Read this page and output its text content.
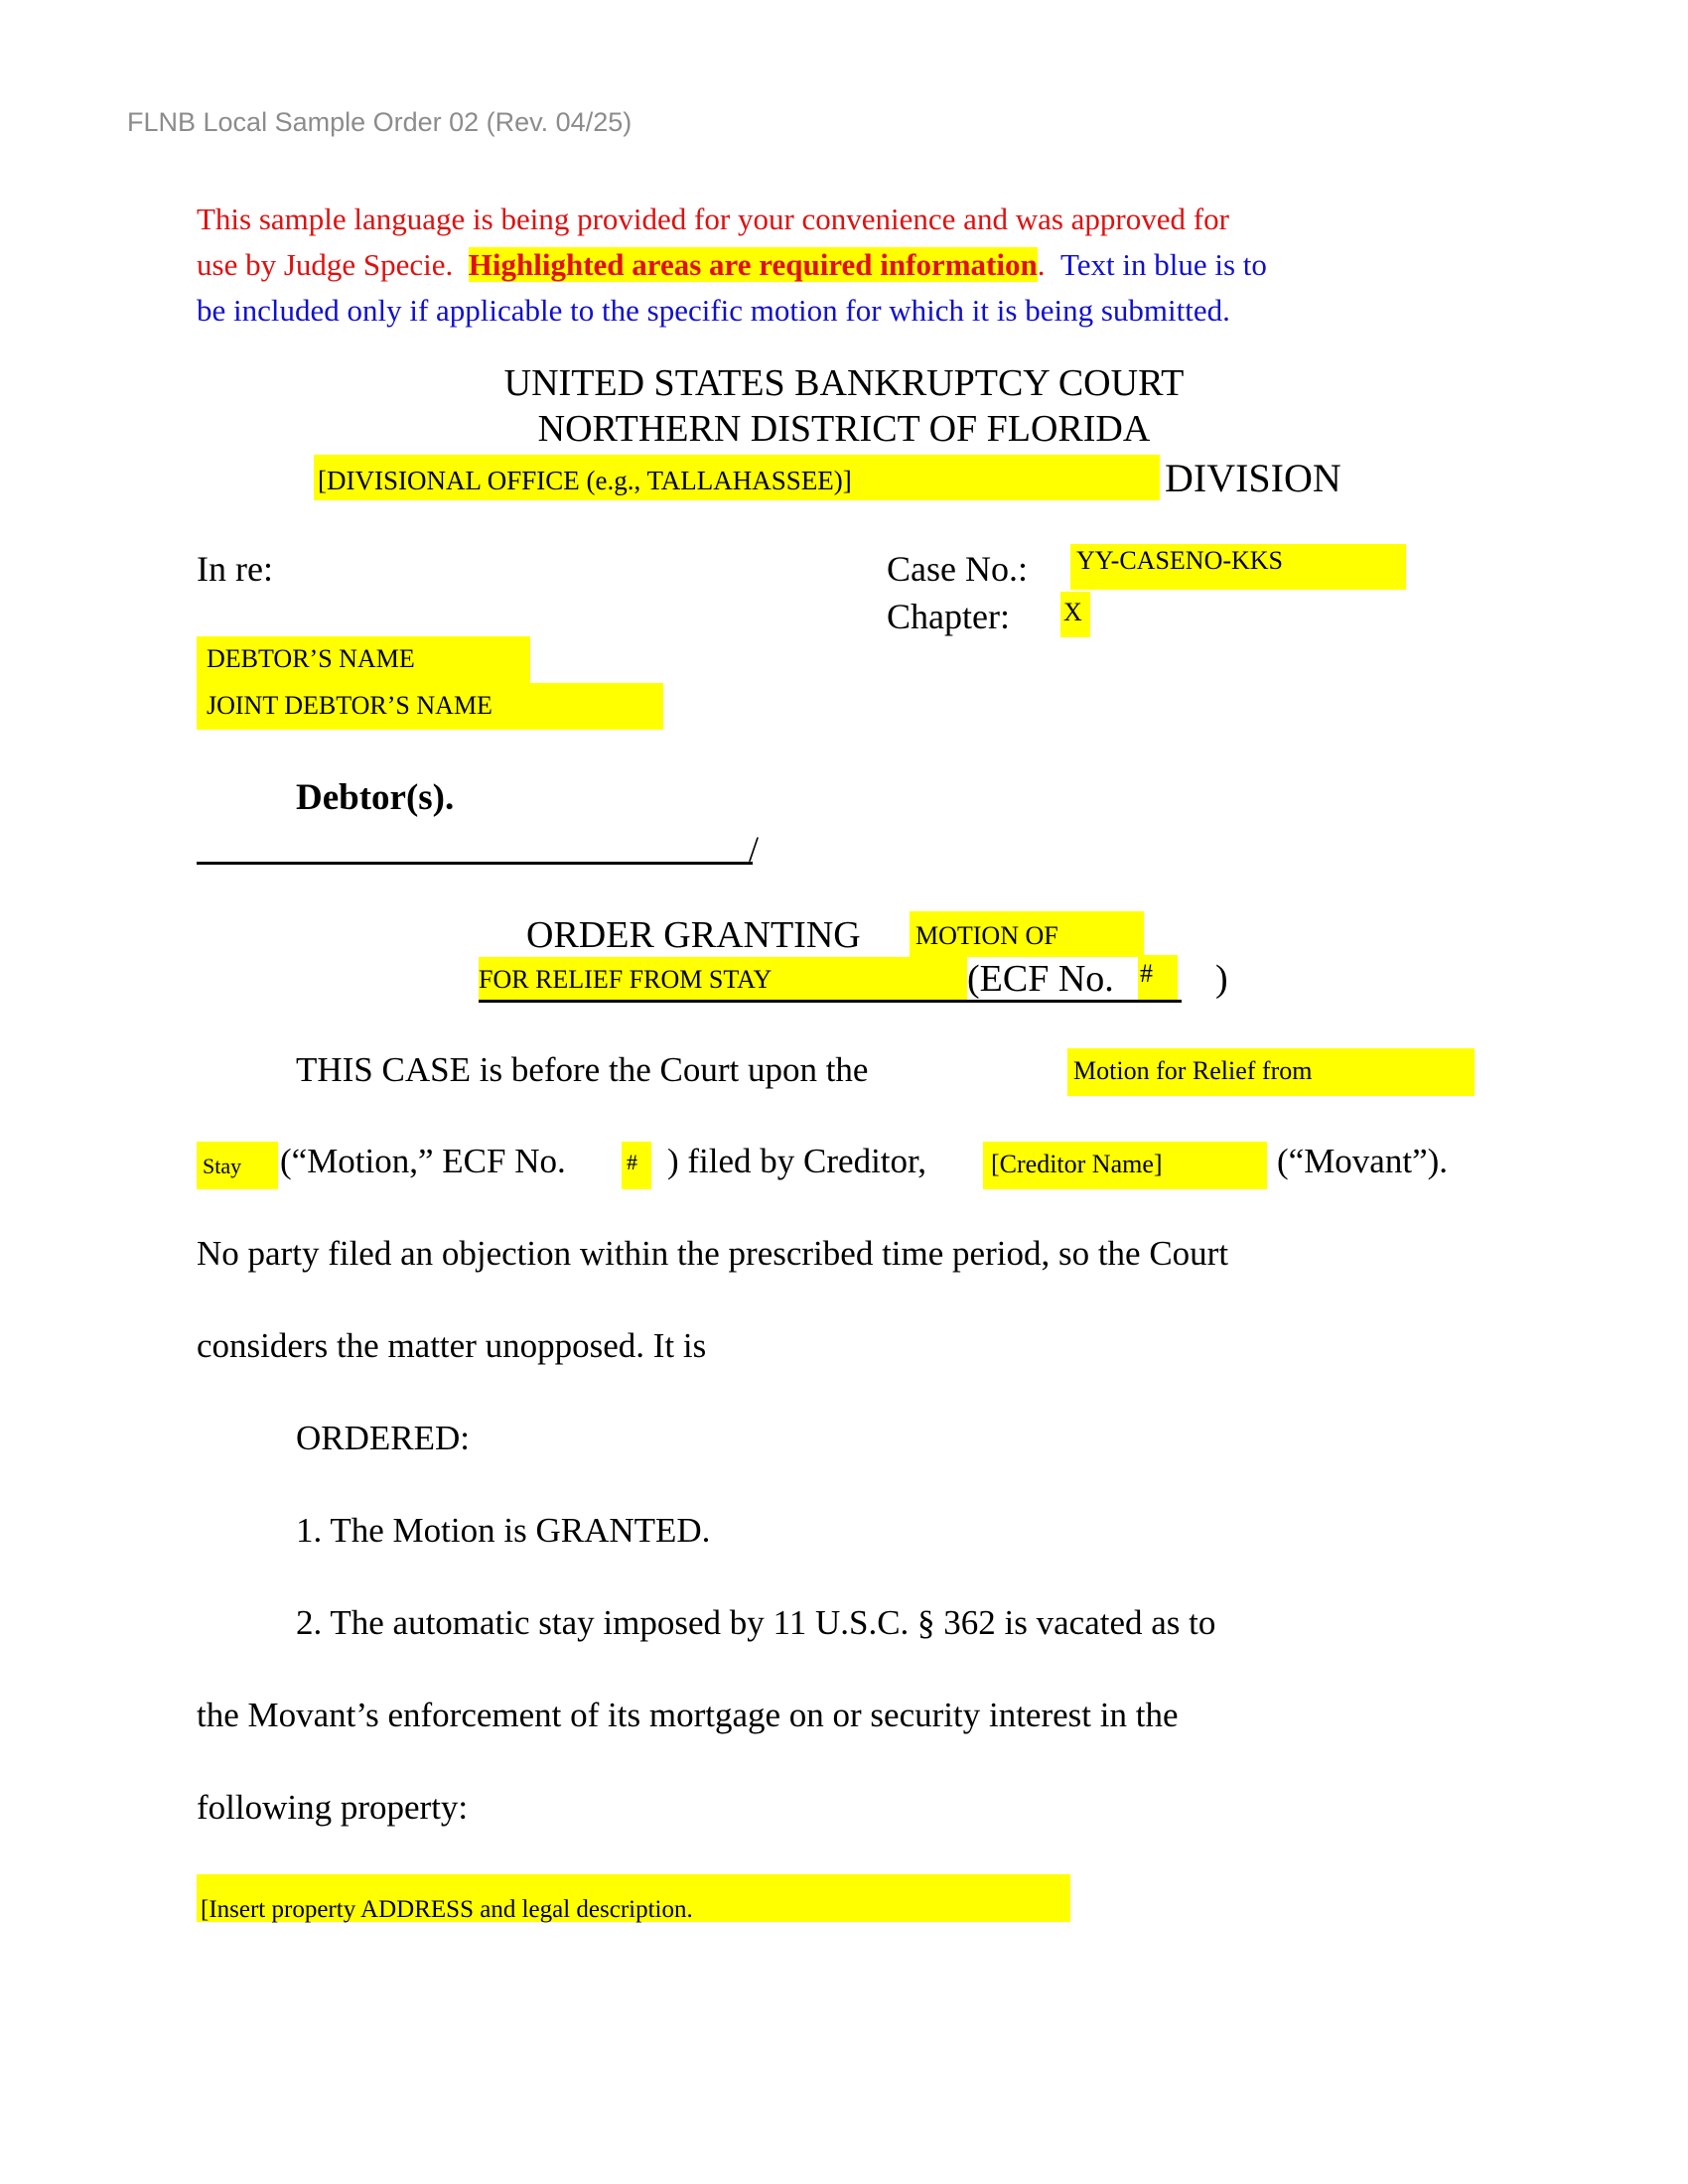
FLNB Local Sample Order 02 (Rev. 04/25)
This sample language is being provided for your convenience and was approved for
use by Judge Specie. Highlighted areas are required information. Text in blue is to
be included only if applicable to the specific motion for which it is being submitted.
UNITED STATES BANKRUPTCY COURT
NORTHERN DISTRICT OF FLORIDA
[DIVISIONAL OFFICE (e.g., TALLAHASSEE)]	DIVISION
In re:	Case No.: YY-CASENO-KKS
Chapter: X
DEBTOR’S NAME
JOINT DEBTOR’S NAME
Debtor(s).
/
ORDER GRANTING MOTION OF
FOR RELIEF FROM STAY	(ECF No. #	)
THIS CASE is before the Court upon the	Motion for Relief from
Stay	(“Motion,” ECF No.	# ) filed by Creditor,	[Creditor Name]	(“Movant”).
No party filed an objection within the prescribed time period, so the Court
considers the matter unopposed. It is
ORDERED:
1. The Motion is GRANTED.
2. The automatic stay imposed by 11 U.S.C. § 362 is vacated as to
the Movant’s enforcement of its mortgage on or security interest in the
following property:
[Insert property ADDRESS and legal description.
